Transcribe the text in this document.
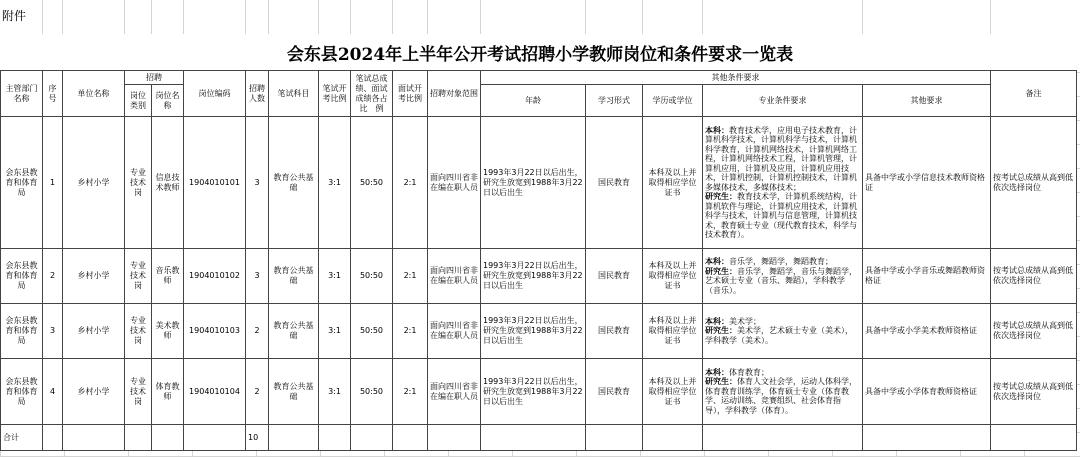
附件
会东县2024年上半年公开考试招聘小学教师岗位和条件要求一览表
主管部门名称	序号	单位名称	招聘		岗位编码	招聘人数	笔试科目	笔试开考比例	笔试总成绩、面试成绩各占比　例	面试开考比例	招聘对象范围	其他条件要求					备注
			岗位类别	岗位名称								年龄	学习形式	学历或学位	专业条件要求	其他要求	
会东县教育和体育局	1	乡村小学	专业技术岗	信息技术教师	1904010101	3	教育公共基础	3:1	50:50	2:1	面向四川省非在编在职人员	1993年3月22日以后出生，研究生放宽到1988年3月22日以后出生	国民教育	本科及以上并取得相应学位证书	本科：教育技术学，应用电子技术教育，计算机科学技术，计算机科学与技术，计算机科学教育，计算机网络技术，计算机网络工程，计算机网络技术工程，计算机管理，计算机应用，计算机及应用，计算机应用技术，计算机控制，计算机控制技术，计算机多媒体技术，多媒体技术；
研究生：教育技术学，计算机系统结构，计算机软件与理论，计算机应用技术，计算机科学与技术，计算机与信息管理，计算机技术，教育硕士专业（现代教育技术，科学与技术教育）。	具备中学或小学信息技术教师资格证	按考试总成绩从高到低依次选择岗位
会东县教育和体育局	2	乡村小学	专业技术岗	音乐教师	1904010102	3	教育公共基础	3:1	50:50	2:1	面向四川省非在编在职人员	1993年3月22日以后出生，研究生放宽到1988年3月22日以后出生	国民教育	本科及以上并取得相应学位证书	本科：音乐学，舞蹈学，舞蹈教育；
研究生：音乐学，舞蹈学，音乐与舞蹈学，艺术硕士专业（音乐、舞蹈），学科教学（音乐）。	具备中学或小学音乐或舞蹈教师资格证	按考试总成绩从高到低依次选择岗位
会东县教育和体育局	3	乡村小学	专业技术岗	美术教师	1904010103	2	教育公共基础	3:1	50:50	2:1	面向四川省非在编在职人员	1993年3月22日以后出生，研究生放宽到1988年3月22日以后出生	国民教育	本科及以上并取得相应学位证书	本科：美术学；
研究生：美术学，艺术硕士专业（美术），学科教学（美术）。	具备中学或小学美术教师资格证	按考试总成绩从高到低依次选择岗位
会东县教育和体育局	4	乡村小学	专业技术岗	体育教师	1904010104	2	教育公共基础	3:1	50:50	2:1	面向四川省非在编在职人员	1993年3月22日以后出生，研究生放宽到1988年3月22日以后出生	国民教育	本科及以上并取得相应学位证书	本科：体育教育；
研究生：体育人文社会学，运动人体科学，体育教育训练学，体育硕士专业（体育教学、运动训练、竞赛组织、社会体育指导），学科教学（体育）。	具备中学或小学体育教师资格证	按考试总成绩从高到低依次选择岗位
合计						10											
